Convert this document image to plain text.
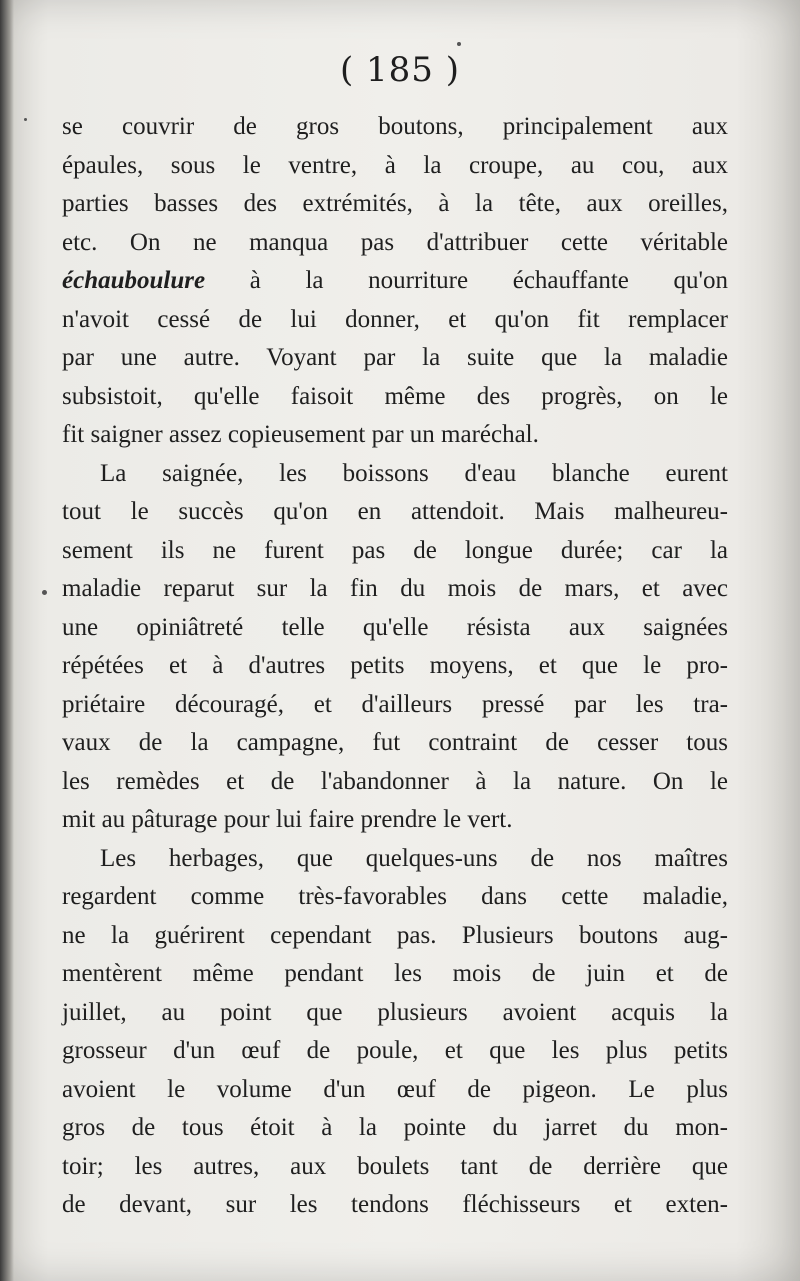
( 185 )
se couvrir de gros boutons, principalement aux
épaules, sous le ventre, à la croupe, au cou, aux
parties basses des extrémités, à la tête, aux oreilles,
etc. On ne manqua pas d'attribuer cette véritable
échauboulure à la nourriture échauffante qu'on
n'avoit cessé de lui donner, et qu'on fit remplacer
par une autre. Voyant par la suite que la maladie
subsistoit, qu'elle faisoit même des progrès, on le
fit saigner assez copieusement par un maréchal.
La saignée, les boissons d'eau blanche eurent
tout le succès qu'on en attendoit. Mais malheureu-
sement ils ne furent pas de longue durée; car la
maladie reparut sur la fin du mois de mars, et avec
une opiniâtreté telle qu'elle résista aux saignées
répétées et à d'autres petits moyens, et que le pro-
priétaire découragé, et d'ailleurs pressé par les tra-
vaux de la campagne, fut contraint de cesser tous
les remèdes et de l'abandonner à la nature. On le
mit au pâturage pour lui faire prendre le vert.
Les herbages, que quelques-uns de nos maîtres
regardent comme très-favorables dans cette maladie,
ne la guérirent cependant pas. Plusieurs boutons aug-
mentèrent même pendant les mois de juin et de
juillet, au point que plusieurs avoient acquis la
grosseur d'un œuf de poule, et que les plus petits
avoient le volume d'un œuf de pigeon. Le plus
gros de tous étoit à la pointe du jarret du mon-
toir; les autres, aux boulets tant de derrière que
de devant, sur les tendons fléchisseurs et exten-
